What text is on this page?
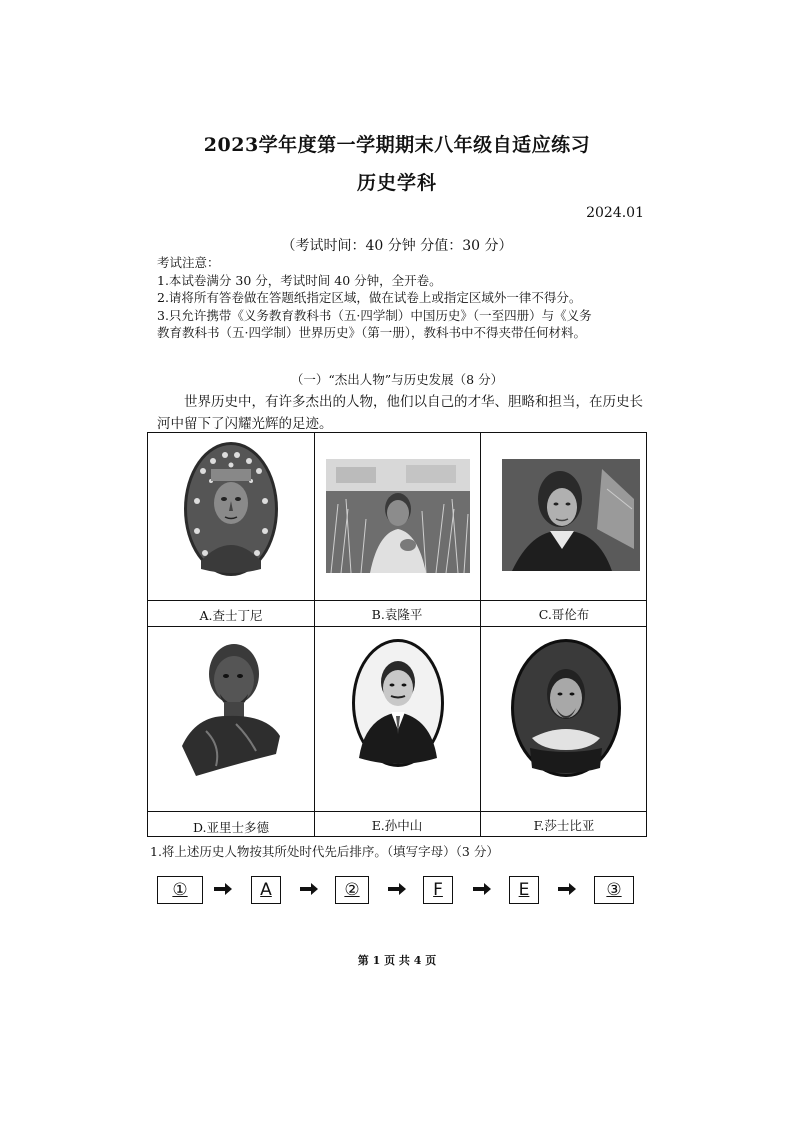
2023学年度第一学期期末八年级自适应练习
历史学科
2024.01
（考试时间：40 分钟 分值：30 分）
考试注意：
1.本试卷满分 30 分，考试时间 40 分钟，全开卷。
2.请将所有答卷做在答题纸指定区域，做在试卷上或指定区域外一律不得分。
3.只允许携带《义务教育教科书（五·四学制）中国历史》（一至四册）与《义务
教育教科书（五·四学制）世界历史》（第一册），教科书中不得夹带任何材料。
（一）“杰出人物”与历史发展（8 分）
世界历史中，有许多杰出的人物，他们以自己的才华、胆略和担当，在历史长河中留下了闪耀光辉的足迹。
A.查士丁尼	B.袁隆平	C.哥伦布
D.亚里士多德	E.孙中山	F.莎士比亚
1.将上述历史人物按其所处时代先后排序。（填写字母）（3 分）
①	A	②	F	E	③
第 1 页 共 4 页
